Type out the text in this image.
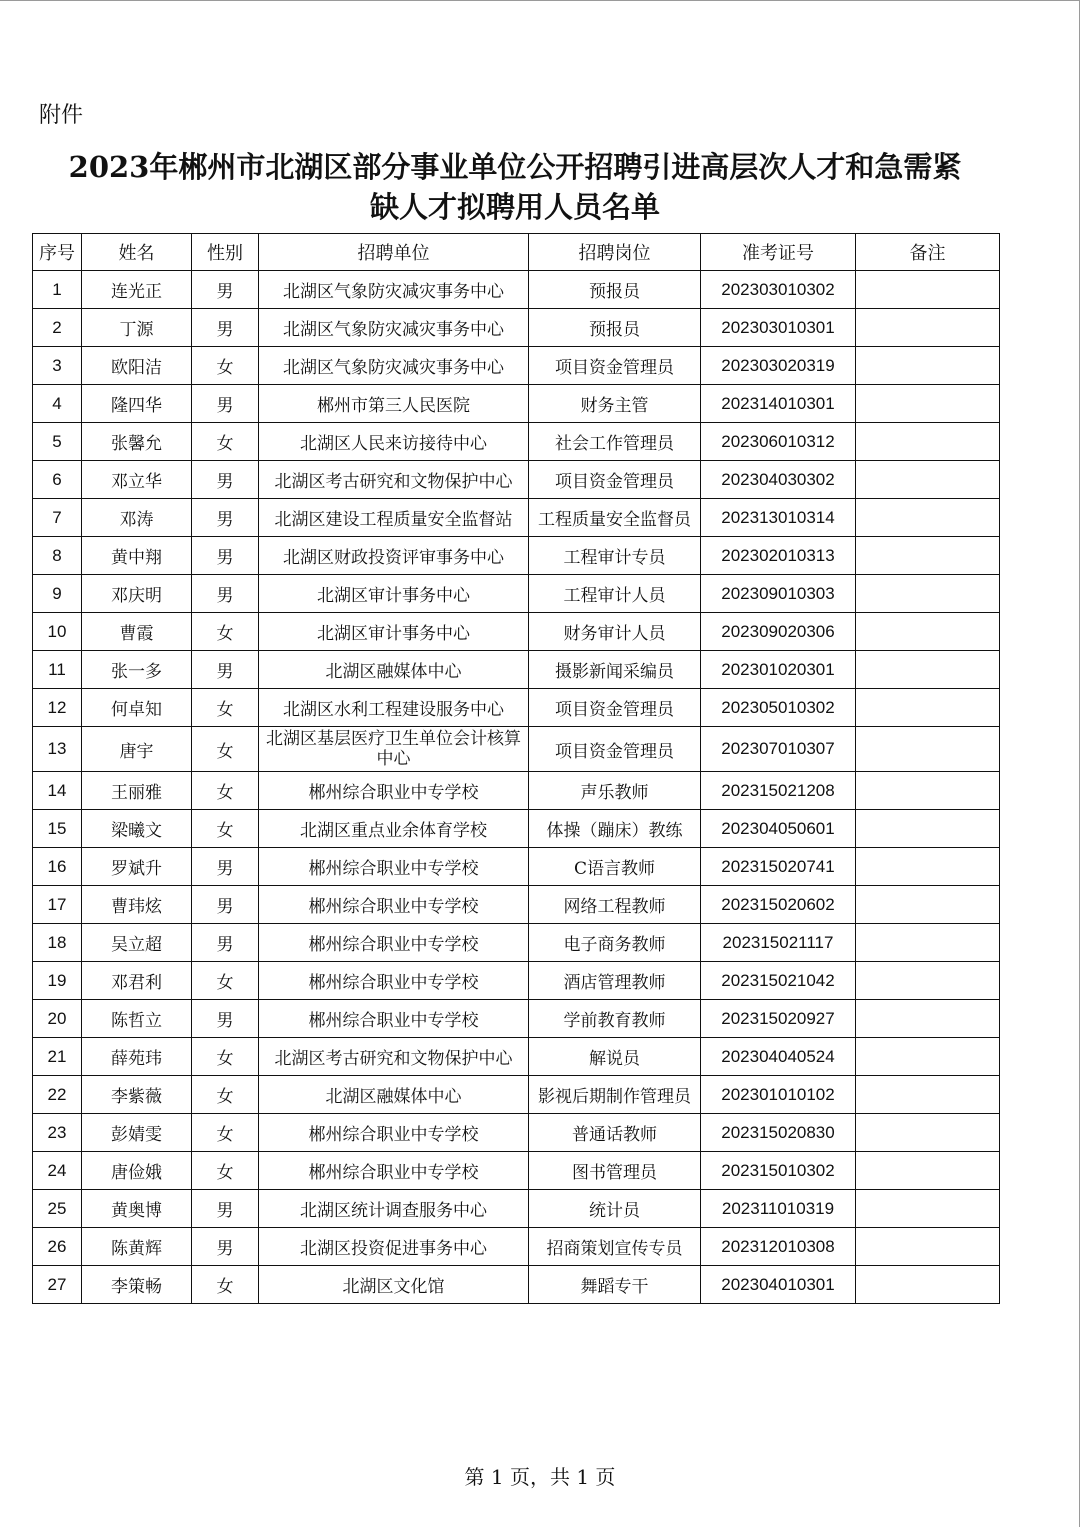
附件
2023年郴州市北湖区部分事业单位公开招聘引进高层次人才和急需紧
缺人才拟聘用人员名单
序号	姓名	性别	招聘单位	招聘岗位	准考证号	备注
1	连光正	男	北湖区气象防灾减灾事务中心	预报员	202303010302	
2	丁源	男	北湖区气象防灾减灾事务中心	预报员	202303010301	
3	欧阳洁	女	北湖区气象防灾减灾事务中心	项目资金管理员	202303020319	
4	隆四华	男	郴州市第三人民医院	财务主管	202314010301	
5	张馨允	女	北湖区人民来访接待中心	社会工作管理员	202306010312	
6	邓立华	男	北湖区考古研究和文物保护中心	项目资金管理员	202304030302	
7	邓涛	男	北湖区建设工程质量安全监督站	工程质量安全监督员	202313010314	
8	黄中翔	男	北湖区财政投资评审事务中心	工程审计专员	202302010313	
9	邓庆明	男	北湖区审计事务中心	工程审计人员	202309010303	
10	曹霞	女	北湖区审计事务中心	财务审计人员	202309020306	
11	张一多	男	北湖区融媒体中心	摄影新闻采编员	202301020301	
12	何卓知	女	北湖区水利工程建设服务中心	项目资金管理员	202305010302	
13	唐宇	女	北湖区基层医疗卫生单位会计核算中心	项目资金管理员	202307010307	
14	王丽雅	女	郴州综合职业中专学校	声乐教师	202315021208	
15	梁曦文	女	北湖区重点业余体育学校	体操（蹦床）教练	202304050601	
16	罗斌升	男	郴州综合职业中专学校	C语言教师	202315020741	
17	曹玮炫	男	郴州综合职业中专学校	网络工程教师	202315020602	
18	吴立超	男	郴州综合职业中专学校	电子商务教师	202315021117	
19	邓君利	女	郴州综合职业中专学校	酒店管理教师	202315021042	
20	陈哲立	男	郴州综合职业中专学校	学前教育教师	202315020927	
21	薛苑玮	女	北湖区考古研究和文物保护中心	解说员	202304040524	
22	李紫薇	女	北湖区融媒体中心	影视后期制作管理员	202301010102	
23	彭婧雯	女	郴州综合职业中专学校	普通话教师	202315020830	
24	唐俭娥	女	郴州综合职业中专学校	图书管理员	202315010302	
25	黄奥博	男	北湖区统计调查服务中心	统计员	202311010319	
26	陈黄辉	男	北湖区投资促进事务中心	招商策划宣传专员	202312010308	
27	李策畅	女	北湖区文化馆	舞蹈专干	202304010301	
第 1 页，共 1 页
